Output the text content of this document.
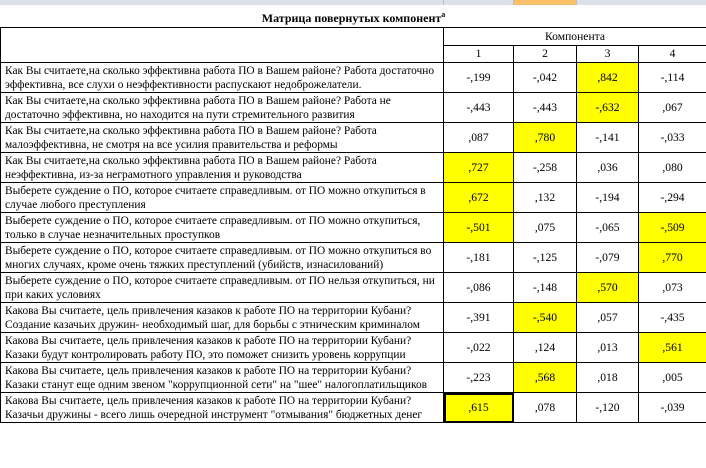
Матрица повернутых компонент$^a$
	Компонента			
	1	2	3	4
Как Вы считаете,на сколько эффективна работа ПО в Вашем районе? Работа достаточно эффективна, все слухи о неэффективности распускают недоброжелатели.	-,199	-,042	,842	-,114
Как Вы считаете,на сколько эффективна работа ПО в Вашем районе? Работа не достаточно эффективна, но находится на пути стремительного развития	-,443	-,443	-,632	,067
Как Вы считаете,на сколько эффективна работа ПО в Вашем районе? Работа малоэффективна, не смотря на все усилия правительства и реформы	,087	,780	-,141	-,033
Как Вы считаете,на сколько эффективна работа ПО в Вашем районе? Работа неэффективна, из-за неграмотного управления и руководства	,727	-,258	,036	,080
Выберете суждение о ПО, которое считаете справедливым. от ПО можно откупиться в случае любого преступления	,672	,132	-,194	-,294
Выберете суждение о ПО, которое считаете справедливым. от ПО можно откупиться, только в случае незначительных проступков	-,501	,075	-,065	-,509
Выберете суждение о ПО, которое считаете справедливым. от ПО можно откупиться во многих случаях, кроме очень тяжких преступлений (убийств, изнасилований)	-,181	-,125	-,079	,770
Выберете суждение о ПО, которое считаете справедливым. от ПО нельзя откупиться, ни при каких условиях	-,086	-,148	,570	,073
Какова Вы считаете, цель привлечения казаков к работе ПО на территории Кубани? Создание казачьих дружин- необходимый шаг, для борьбы с этническим криминалом	-,391	-,540	,057	-,435
Какова Вы считаете, цель привлечения казаков к работе ПО на территории Кубани? Казаки будут контролировать работу ПО, это поможет снизить уровень коррупции	-,022	,124	,013	,561
Какова Вы считаете, цель привлечения казаков к работе ПО на территории Кубани? Казаки станут еще одним звеном "коррупционной сети" на "шее" налогоплатильщиков	-,223	,568	,018	,005
Какова Вы считаете, цель привлечения казаков к работе ПО на территории Кубани? Казачьи дружины - всего лишь очередной инструмент "отмывания" бюджетных денег	,615	,078	-,120	-,039
